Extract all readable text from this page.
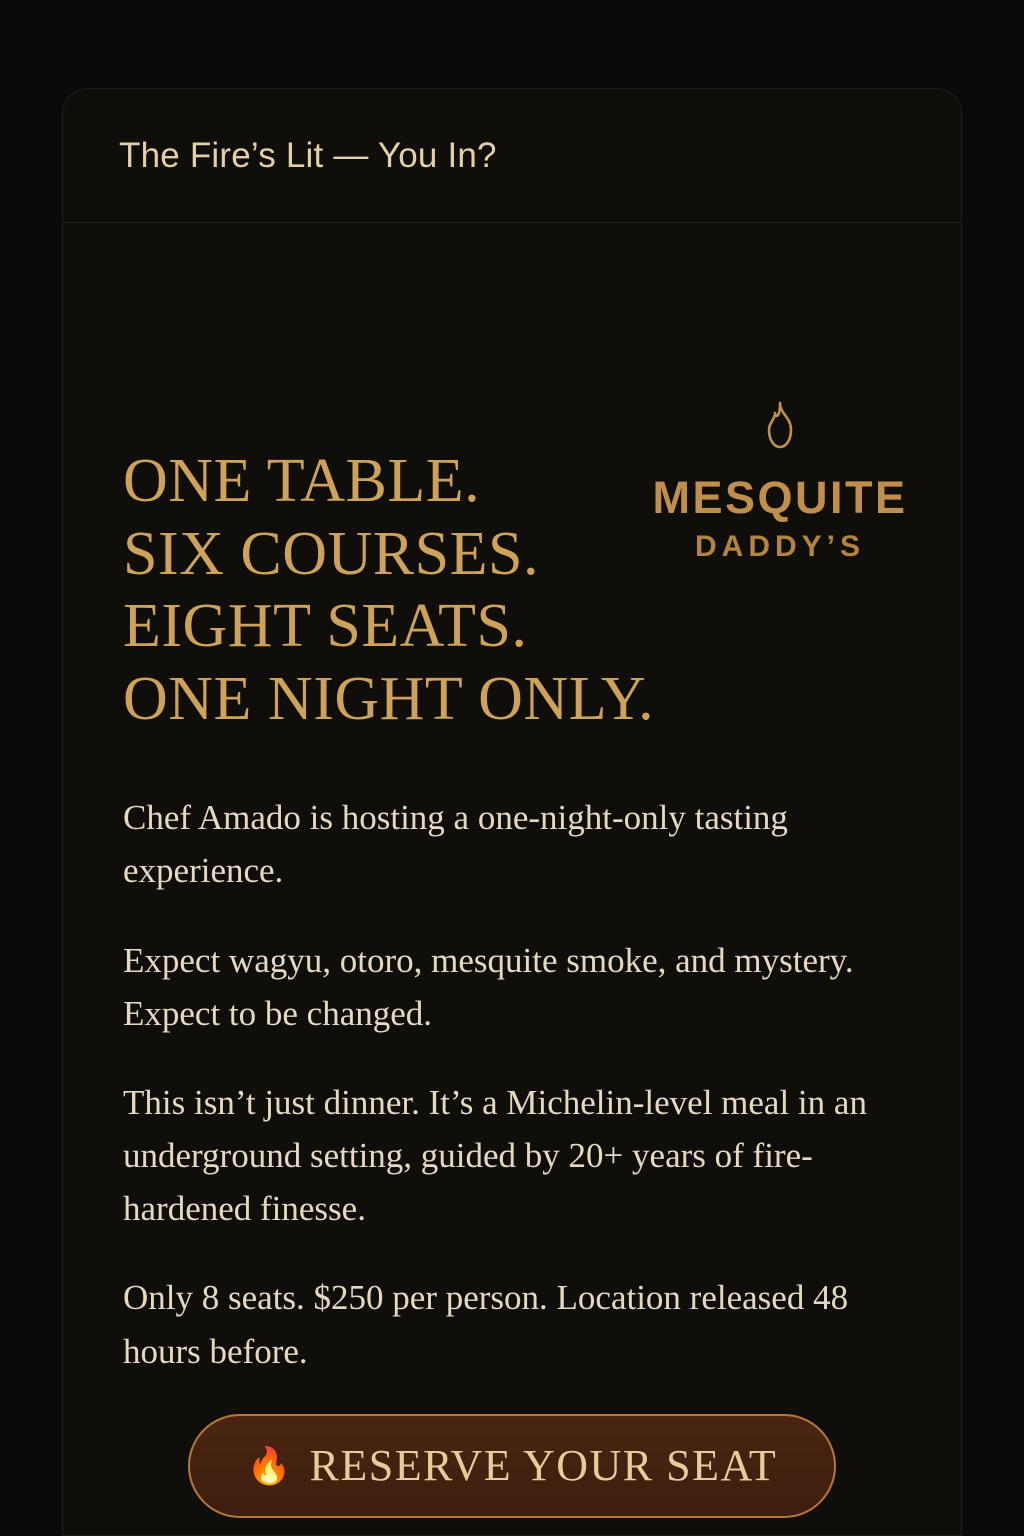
The Fire’s Lit — You In?
MESQUITE
DADDY’S
ONE TABLE.
SIX COURSES.
EIGHT SEATS.
ONE NIGHT ONLY.

Chef Amado is hosting a one-night-only tasting experience.

Expect wagyu, otoro, mesquite smoke, and mystery. Expect to be changed.

This isn’t just dinner. It’s a Michelin-level meal in an underground setting, guided by 20+ years of fire-hardened finesse.

Only 8 seats. $250 per person. Location released 48 hours before.

🔥 RESERVE YOUR SEAT
